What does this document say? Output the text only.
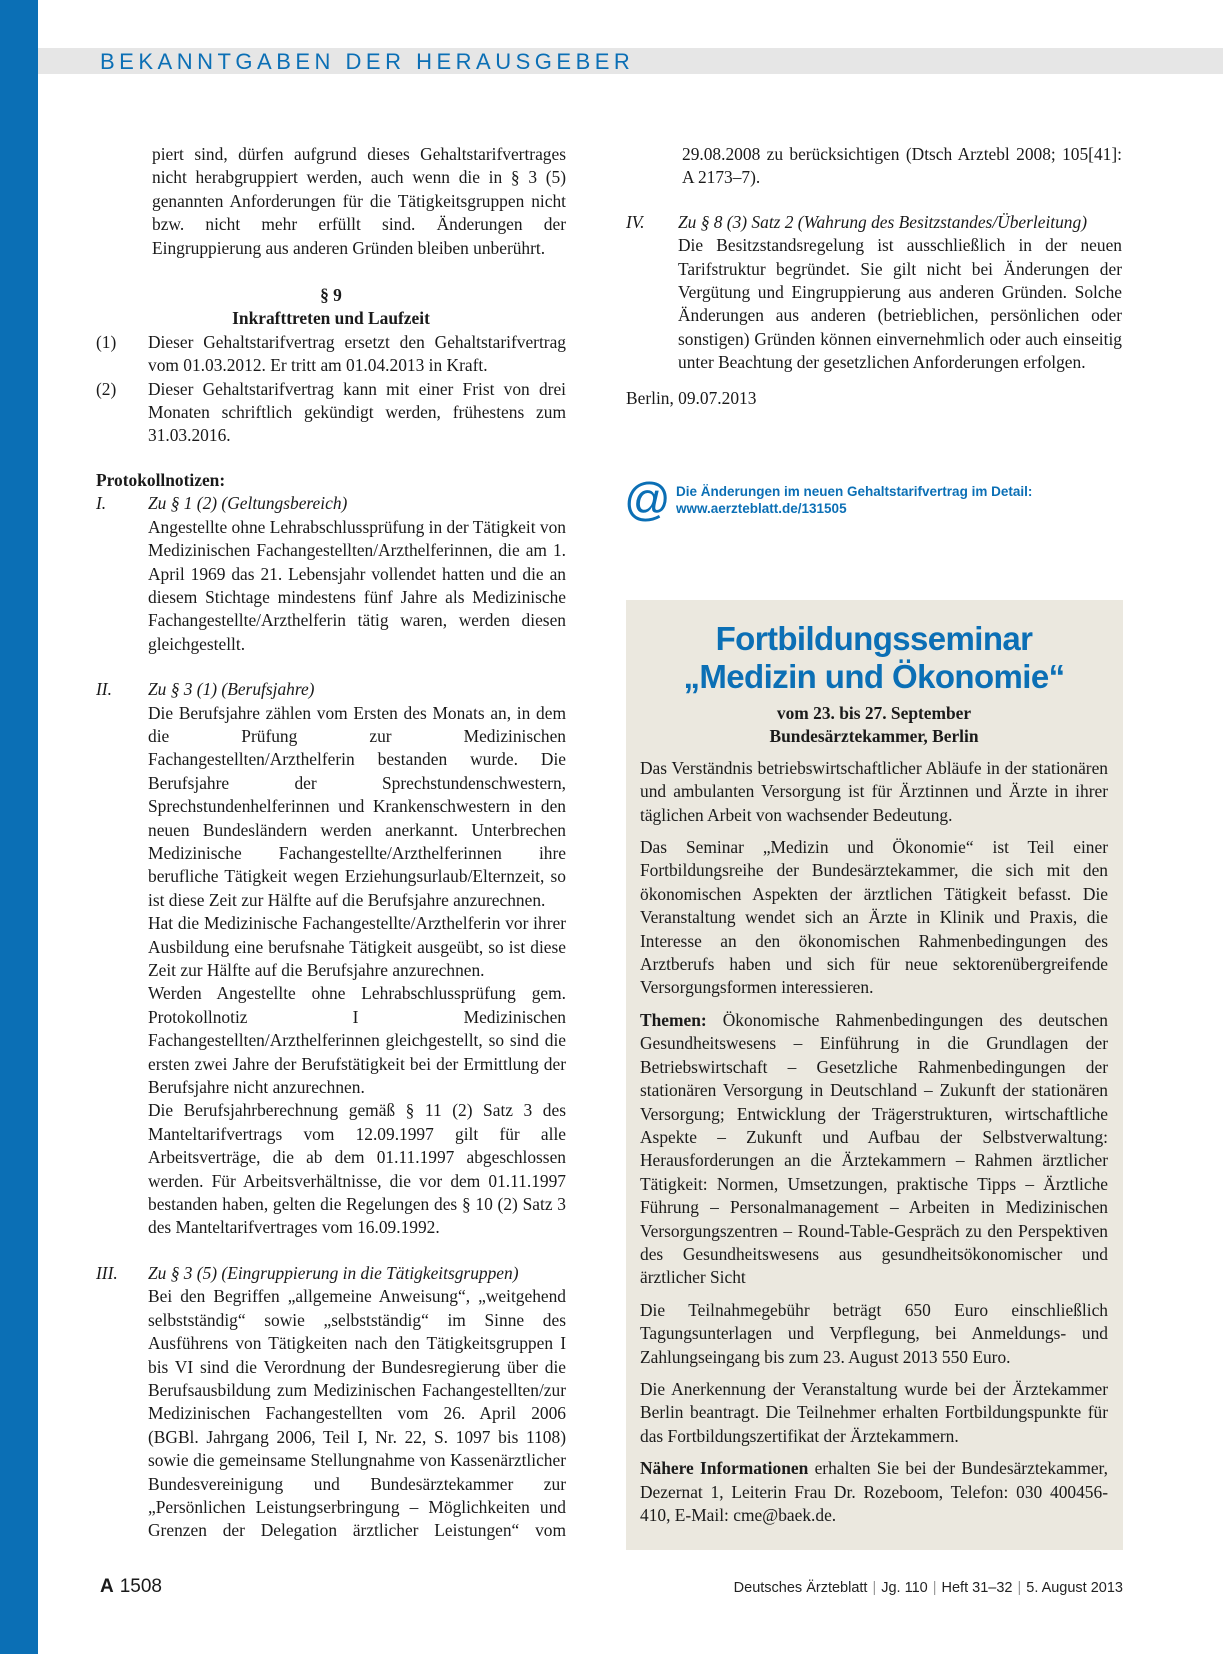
BEKANNTGABEN DER HERAUSGEBER

piert sind, dürfen aufgrund dieses Gehaltstarifvertrages nicht herabgruppiert werden, auch wenn die in § 3 (5) genannten Anforderungen für die Tätigkeitsgruppen nicht bzw. nicht mehr erfüllt sind. Änderungen der Eingruppierung aus anderen Gründen bleiben unberührt.

§ 9

Inkrafttreten und Laufzeit

(1)	Dieser Gehaltstarifvertrag ersetzt den Gehaltstarifvertrag vom 01.03.2012. Er tritt am 01.04.2013 in Kraft.
(2)	Dieser Gehaltstarifvertrag kann mit einer Frist von drei Monaten schriftlich gekündigt werden, frühestens zum 31.03.2016.

Protokollnotizen:

I.	Zu § 1 (2) (Geltungsbereich)

Angestellte ohne Lehrabschlussprüfung in der Tätigkeit von Medizinischen Fachangestellten/Arzthelferinnen, die am 1. April 1969 das 21. Lebensjahr vollendet hatten und die an diesem Stichtage mindestens fünf Jahre als Medizinische Fachangestellte/Arzthelferin tätig waren, werden diesen gleichgestellt.

II.	Zu § 3 (1) (Berufsjahre)

Die Berufsjahre zählen vom Ersten des Monats an, in dem die Prüfung zur Medizinischen Fachangestellten/Arzthelferin bestanden wurde. Die Berufsjahre der Sprechstundenschwestern, Sprechstundenhelferinnen und Krankenschwestern in den neuen Bundesländern werden anerkannt. Unterbrechen Medizinische Fachangestellte/Arzthelferinnen ihre berufliche Tätigkeit wegen Erziehungsurlaub/Elternzeit, so ist diese Zeit zur Hälfte auf die Berufsjahre anzurechnen.

Hat die Medizinische Fachangestellte/Arzthelferin vor ihrer Ausbildung eine berufsnahe Tätigkeit ausgeübt, so ist diese Zeit zur Hälfte auf die Berufsjahre anzurechnen.

Werden Angestellte ohne Lehrabschlussprüfung gem. Protokollnotiz I Medizinischen Fachangestellten/Arzthelferinnen gleichgestellt, so sind die ersten zwei Jahre der Berufstätigkeit bei der Ermittlung der Berufsjahre nicht anzurechnen.

Die Berufsjahrberechnung gemäß § 11 (2) Satz 3 des Manteltarifvertrags vom 12.09.1997 gilt für alle Arbeitsverträge, die ab dem 01.11.1997 abgeschlossen werden. Für Arbeitsverhältnisse, die vor dem 01.11.1997 bestanden haben, gelten die Regelungen des § 10 (2) Satz 3 des Manteltarifvertrages vom 16.09.1992.

III.	Zu § 3 (5) (Eingruppierung in die Tätigkeitsgruppen)

Bei den Begriffen „allgemeine Anweisung“, „weitgehend selbstständig“ sowie „selbstständig“ im Sinne des Ausführens von Tätigkeiten nach den Tätigkeitsgruppen I bis VI sind die Verordnung der Bundesregierung über die Berufsausbildung zum Medizinischen Fachangestellten/zur Medizinischen Fachangestellten vom 26. April 2006 (BGBl. Jahrgang 2006, Teil I, Nr. 22, S. 1097 bis 1108) sowie die gemeinsame Stellungnahme von Kassenärztlicher Bundesvereinigung und Bundesärztekammer zur „Persönlichen Leistungserbringung – Möglichkeiten und Grenzen der Delegation ärztlicher Leistungen“ vom

29.08.2008 zu berücksichtigen (Dtsch Arztebl 2008; 105[41]: A 2173–7).

IV.	Zu § 8 (3) Satz 2 (Wahrung des Besitzstandes/Überleitung)

Die Besitzstandsregelung ist ausschließlich in der neuen Tarifstruktur begründet. Sie gilt nicht bei Änderungen der Vergütung und Eingruppierung aus anderen Gründen. Solche Änderungen aus anderen (betrieblichen, persönlichen oder sonstigen) Gründen können einvernehmlich oder auch einseitig unter Beachtung der gesetzlichen Anforderungen erfolgen.

Berlin, 09.07.2013

@ Die Änderungen im neuen Gehaltstarifvertrag im Detail:
www.aerzteblatt.de/131505

Fortbildungsseminar

„Medizin und Ökonomie“

vom 23. bis 27. September

Bundesärztekammer, Berlin

Das Verständnis betriebswirtschaftlicher Abläufe in der stationären und ambulanten Versorgung ist für Ärztinnen und Ärzte in ihrer täglichen Arbeit von wachsender Bedeutung.

Das Seminar „Medizin und Ökonomie“ ist Teil einer Fortbildungsreihe der Bundesärztekammer, die sich mit den ökonomischen Aspekten der ärztlichen Tätigkeit befasst. Die Veranstaltung wendet sich an Ärzte in Klinik und Praxis, die Interesse an den ökonomischen Rahmenbedingungen des Arztberufs haben und sich für neue sektorenübergreifende Versorgungsformen interessieren.

Themen: Ökonomische Rahmenbedingungen des deutschen Gesundheitswesens – Einführung in die Grundlagen der Betriebswirtschaft – Gesetzliche Rahmenbedingungen der stationären Versorgung in Deutschland – Zukunft der stationären Versorgung; Entwicklung der Trägerstrukturen, wirtschaftliche Aspekte – Zukunft und Aufbau der Selbstverwaltung: Herausforderungen an die Ärztekammern – Rahmen ärztlicher Tätigkeit: Normen, Umsetzungen, praktische Tipps – Ärztliche Führung – Personalmanagement – Arbeiten in Medizinischen Versorgungszentren – Round-Table-Gespräch zu den Perspektiven des Gesundheitswesens aus gesundheitsökonomischer und ärztlicher Sicht

Die Teilnahmegebühr beträgt 650 Euro einschließlich Tagungsunterlagen und Verpflegung, bei Anmeldungs- und Zahlungseingang bis zum 23. August 2013 550 Euro.

Die Anerkennung der Veranstaltung wurde bei der Ärztekammer Berlin beantragt. Die Teilnehmer erhalten Fortbildungspunkte für das Fortbildungszertifikat der Ärztekammern.

Nähere Informationen erhalten Sie bei der Bundesärztekammer, Dezernat 1, Leiterin Frau Dr. Rozeboom, Telefon: 030 400456-410, E-Mail: cme@baek.de.

A 1508	Deutsches Ärzteblatt | Jg. 110 | Heft 31–32 | 5. August 2013
